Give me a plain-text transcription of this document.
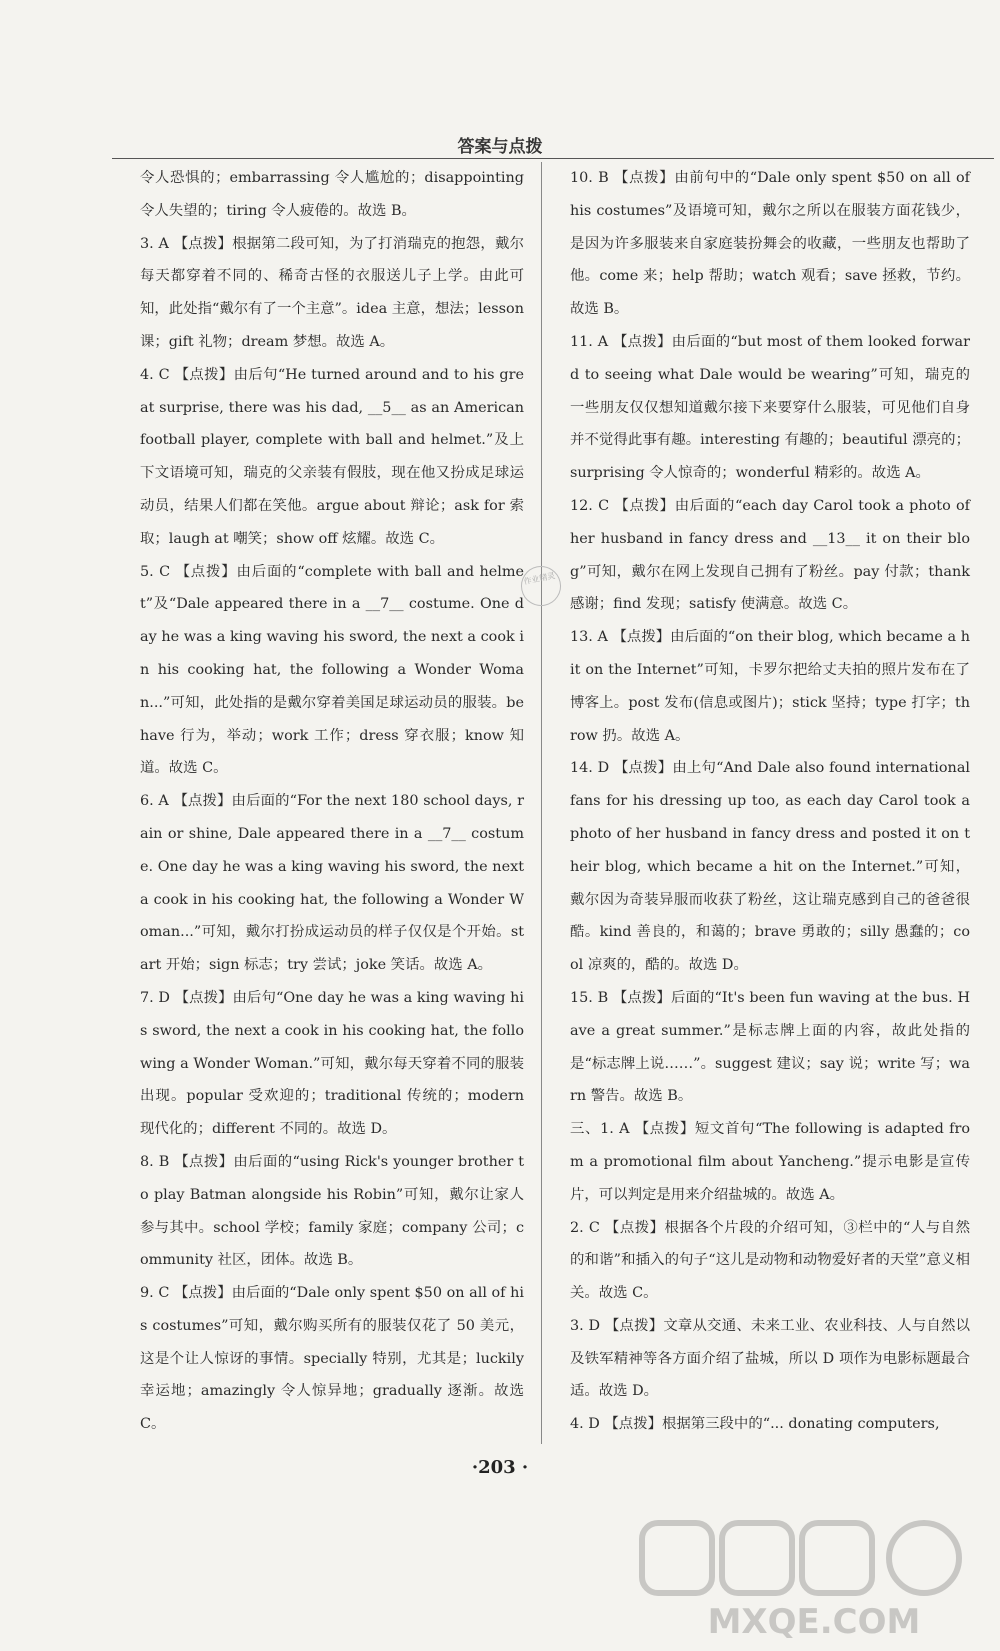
答案与点拨

令人恐惧的；embarrassing 令人尴尬的；disappointing 令人失望的；tiring 令人疲倦的。故选 B。

3. A 【点拨】根据第二段可知，为了打消瑞克的抱怨，戴尔每天都穿着不同的、稀奇古怪的衣服送儿子上学。由此可知，此处指“戴尔有了一个主意”。idea 主意，想法；lesson 课；gift 礼物；dream 梦想。故选 A。

4. C 【点拨】由后句“He turned around and to his great surprise, there was his dad, __5__ as an American football player, complete with ball and helmet.”及上下文语境可知，瑞克的父亲装有假肢，现在他又扮成足球运动员，结果人们都在笑他。argue about 辩论；ask for 索取；laugh at 嘲笑；show off 炫耀。故选 C。

5. C 【点拨】由后面的“complete with ball and helmet”及“Dale appeared there in a __7__ costume. One day he was a king waving his sword, the next a cook in his cooking hat, the following a Wonder Woman...”可知，此处指的是戴尔穿着美国足球运动员的服装。behave 行为，举动；work 工作；dress 穿衣服；know 知道。故选 C。

6. A 【点拨】由后面的“For the next 180 school days, rain or shine, Dale appeared there in a __7__ costume. One day he was a king waving his sword, the next a cook in his cooking hat, the following a Wonder Woman...”可知，戴尔打扮成运动员的样子仅仅是个开始。start 开始；sign 标志；try 尝试；joke 笑话。故选 A。

7. D 【点拨】由后句“One day he was a king waving his sword, the next a cook in his cooking hat, the following a Wonder Woman.”可知，戴尔每天穿着不同的服装出现。popular 受欢迎的；traditional 传统的；modern 现代化的；different 不同的。故选 D。

8. B 【点拨】由后面的“using Rick's younger brother to play Batman alongside his Robin”可知，戴尔让家人参与其中。school 学校；family 家庭；company 公司；community 社区，团体。故选 B。

9. C 【点拨】由后面的“Dale only spent $50 on all of his costumes”可知，戴尔购买所有的服装仅花了 50 美元，这是个让人惊讶的事情。specially 特别，尤其是；luckily 幸运地；amazingly 令人惊异地；gradually 逐渐。故选 C。

10. B 【点拨】由前句中的“Dale only spent $50 on all of his costumes”及语境可知，戴尔之所以在服装方面花钱少，是因为许多服装来自家庭装扮舞会的收藏，一些朋友也帮助了他。come 来；help 帮助；watch 观看；save 拯救，节约。故选 B。

11. A 【点拨】由后面的“but most of them looked forward to seeing what Dale would be wearing”可知，瑞克的一些朋友仅仅想知道戴尔接下来要穿什么服装，可见他们自身并不觉得此事有趣。interesting 有趣的；beautiful 漂亮的；surprising 令人惊奇的；wonderful 精彩的。故选 A。

12. C 【点拨】由后面的“each day Carol took a photo of her husband in fancy dress and __13__ it on their blog”可知，戴尔在网上发现自己拥有了粉丝。pay 付款；thank 感谢；find 发现；satisfy 使满意。故选 C。

13. A 【点拨】由后面的“on their blog, which became a hit on the Internet”可知，卡罗尔把给丈夫拍的照片发布在了博客上。post 发布(信息或图片)；stick 坚持；type 打字；throw 扔。故选 A。

14. D 【点拨】由上句“And Dale also found international fans for his dressing up too, as each day Carol took a photo of her husband in fancy dress and posted it on their blog, which became a hit on the Internet.”可知，戴尔因为奇装异服而收获了粉丝，这让瑞克感到自己的爸爸很酷。kind 善良的，和蔼的；brave 勇敢的；silly 愚蠢的；cool 凉爽的，酷的。故选 D。

15. B 【点拨】后面的“It's been fun waving at the bus. Have a great summer.”是标志牌上面的内容，故此处指的是“标志牌上说……”。suggest 建议；say 说；write 写；warn 警告。故选 B。

三、1. A 【点拨】短文首句“The following is adapted from a promotional film about Yancheng.”提示电影是宣传片，可以判定是用来介绍盐城的。故选 A。

2. C 【点拨】根据各个片段的介绍可知，③栏中的“人与自然的和谐”和插入的句子“这儿是动物和动物爱好者的天堂”意义相关。故选 C。

3. D 【点拨】文章从交通、未来工业、农业科技、人与自然以及铁军精神等各方面介绍了盐城，所以 D 项作为电影标题最合适。故选 D。

4. D 【点拨】根据第三段中的“... donating computers,

作业精灵
·203 ·
MXQE.COM
